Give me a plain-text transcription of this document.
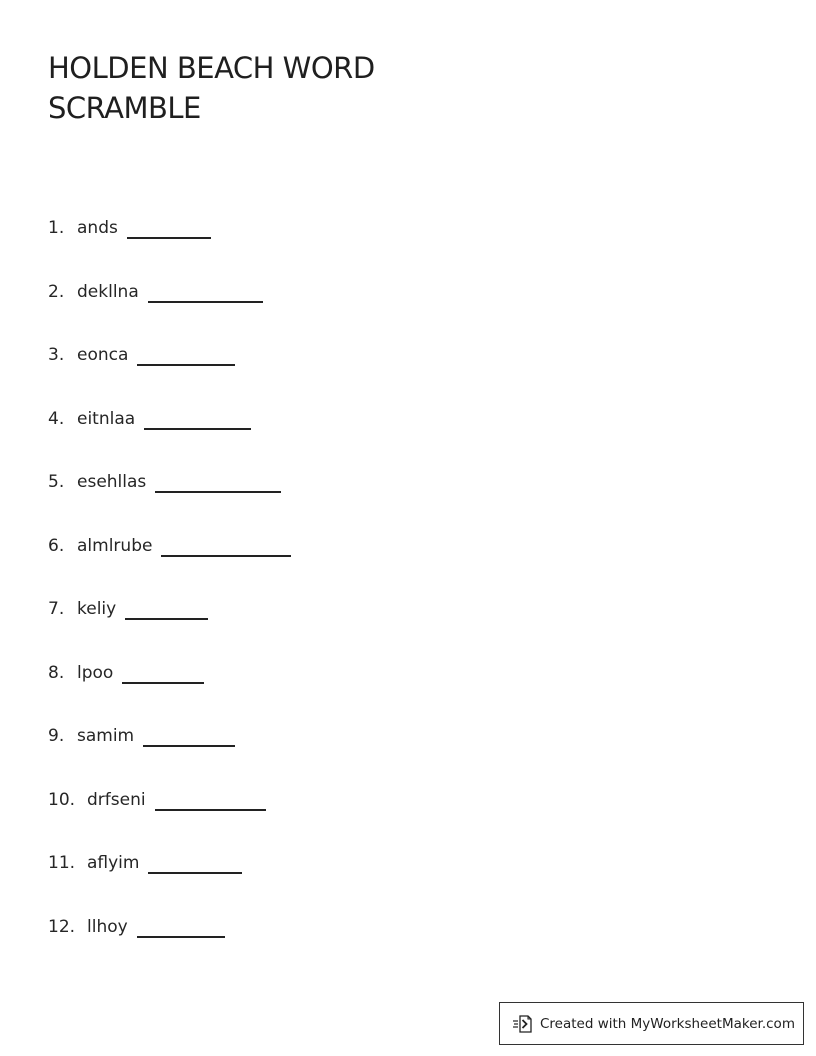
HOLDEN BEACH WORD SCRAMBLE
1. ands
2. dekllna
3. eonca
4. eitnlaa
5. esehllas
6. almlrube
7. keliy
8. lpoo
9. samim
10. drfseni
11. aflyim
12. llhoy
Created with MyWorksheetMaker.com
